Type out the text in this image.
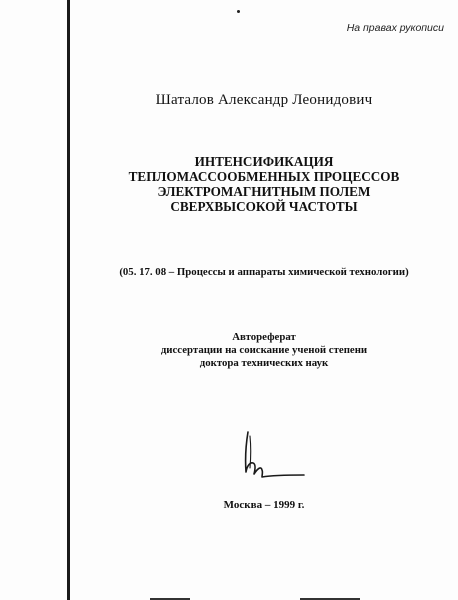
На правах рукописи
Шаталов Александр Леонидович
ИНТЕНСИФИКАЦИЯ
ТЕПЛОМАССООБМЕННЫХ ПРОЦЕССОВ
ЭЛЕКТРОМАГНИТНЫМ ПОЛЕМ
СВЕРХВЫСОКОЙ ЧАСТОТЫ
(05. 17. 08 – Процессы и аппараты химической технологии)
Автореферат
диссертации на соискание ученой степени
доктора технических наук
Москва – 1999 г.
